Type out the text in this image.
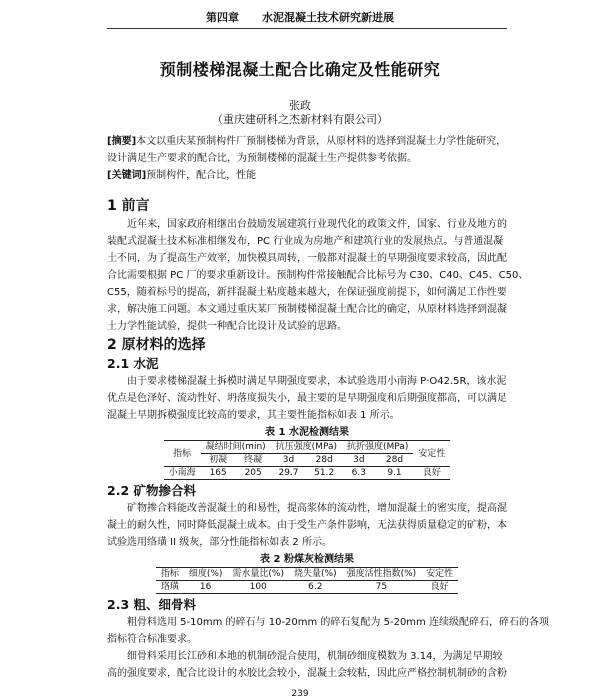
第四章 水泥混凝土技术研究新进展
预制楼梯混凝土配合比确定及性能研究
张政
（重庆建研科之杰新材料有限公司）
[摘要]本文以重庆某预制构件厂预制楼梯为背景，从原材料的选择到混凝土力学性能研究，
设计满足生产要求的配合比，为预制楼梯的混凝土生产提供参考依据。
[关键词]预制构件，配合比，性能
1 前言
近年来，国家政府相继出台鼓励发展建筑行业现代化的政策文件，国家、行业及地方的
装配式混凝土技术标准相继发布，PC 行业成为房地产和建筑行业的发展热点。与普通混凝
土不同，为了提高生产效率，加快模具周转，一般都对混凝土的早期强度要求较高，因此配
合比需要根据 PC 厂的要求重新设计。预制构件常接触配合比标号为 C30、C40、C45、C50、
C55，随着标号的提高，新拌混凝土粘度越来越大，在保证强度前提下，如何满足工作性要
求，解决施工问题。本文通过重庆某厂预制楼梯混凝土配合比的确定，从原材料选择到混凝
土力学性能试验，提供一种配合比设计及试验的思路。
2 原材料的选择
2.1 水泥
由于要求楼梯混凝土拆模时满足早期强度要求，本试验选用小南海 P·O42.5R，该水泥
优点是色泽好、流动性好、坍落度损失小，最主要的是早期强度和后期强度都高，可以满足
混凝土早期拆模强度比较高的要求，其主要性能指标如表 1 所示。
表 1 水泥检测结果
指标	凝结时间(min)		抗压强度(MPa)		抗折强度(MPa)		安定性
	初凝	终凝	3d	28d	3d	28d	
小南海	165	205	29.7	51.2	6.3	9.1	良好
2.2 矿物掺合料
矿物掺合料能改善混凝土的和易性，提高浆体的流动性，增加混凝土的密实度，提高混
凝土的耐久性，同时降低混凝土成本。由于受生产条件影响，无法获得质量稳定的矿粉，本
试验选用络璜 II 级灰，部分性能指标如表 2 所示。
表 2 粉煤灰检测结果
指标	细度(%)	需水量比(%)	烧失量(%)	强度活性指数(%)	安定性
珞璜	16	100	6.2	75	良好
2.3 粗、细骨料
粗骨料选用 5-10mm 的碎石与 10-20mm 的碎石复配为 5-20mm 连续级配碎石，碎石的各项
指标符合标准要求。
细骨料采用长江砂和本地的机制砂混合使用，机制砂细度模数为 3.14，为满足早期较
高的强度要求，配合比设计的水胶比会较小，混凝土会较粘，因此应严格控制机制砂的含粉
239
